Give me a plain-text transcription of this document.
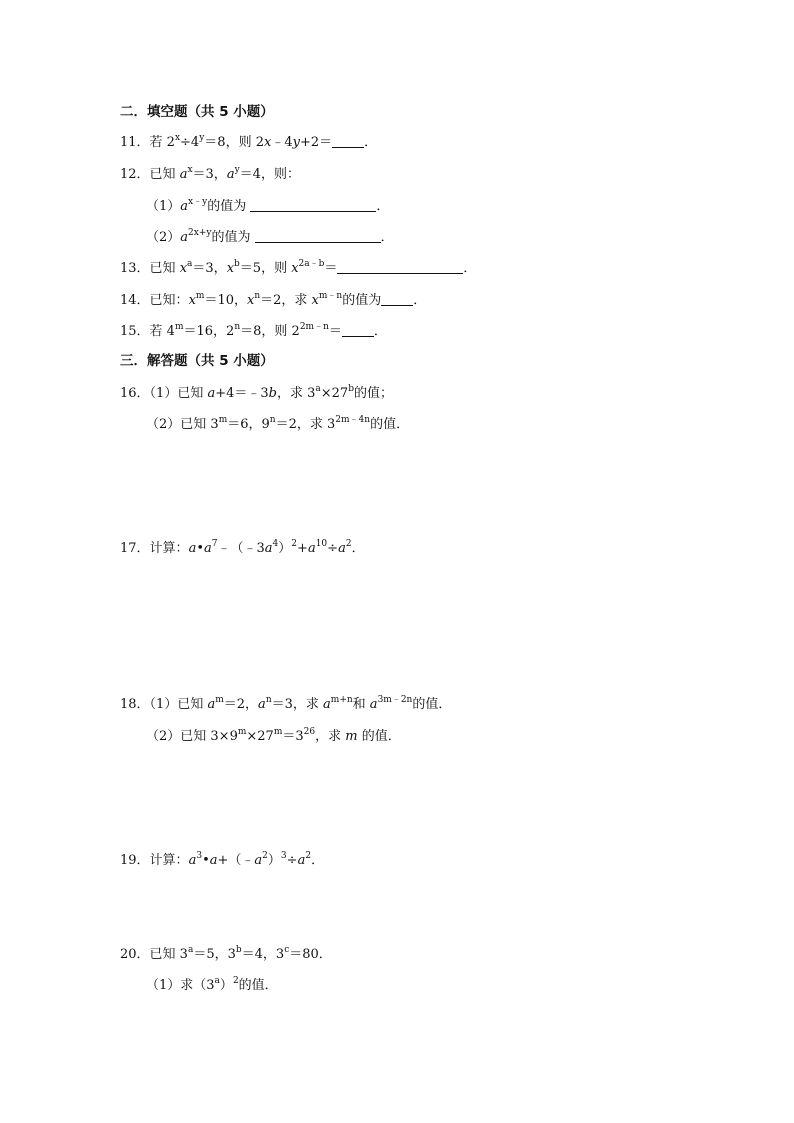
二．填空题（共 5 小题）
11．若 $2^x\div 4^y=8$，则 2x﹣4y+2＝ ．
12．已知 $a^x=3$，$a^y=4$，则：
$(1)a^{x﹣y}$的值为	．
$(2)a^{2x+y}$的值为	．
13．已知 $x^a=3$，$x^b=5$，则 $x^{2a﹣b}=$	．
14．已知：$x^m=10$，$x^n=2$，求 $x^{m﹣n}$的值为 ．
15．若 $4^m=16$，$2^n=8$，则 $2^{2m﹣n}=$ ．
三．解答题（共 5 小题）
16．（1）已知 a+4＝﹣3b，求 $3^a\times 27^b$的值；
（2）已知 $3^m=6$，$9^n=2$，求 $3^{2m﹣4n}$的值．
17．计算：$a•a^7﹣(﹣3a^4)^2+a^{10}\div a^2$．
18．（1）已知 $a^m=2$，$a^n=3$，求 $a^{m+n}$和 $a^{3m﹣2n}$的值．
（2）已知 $3\times 9^m\times 27^m=3^{26}$，求 m 的值．
19．计算：$a^3•a+(﹣a^2)^3\div a^2$．
20．已知 $3^a=5$，$3^b=4$，$3^c=80$．
（1）求$(3^a)^2$的值．
